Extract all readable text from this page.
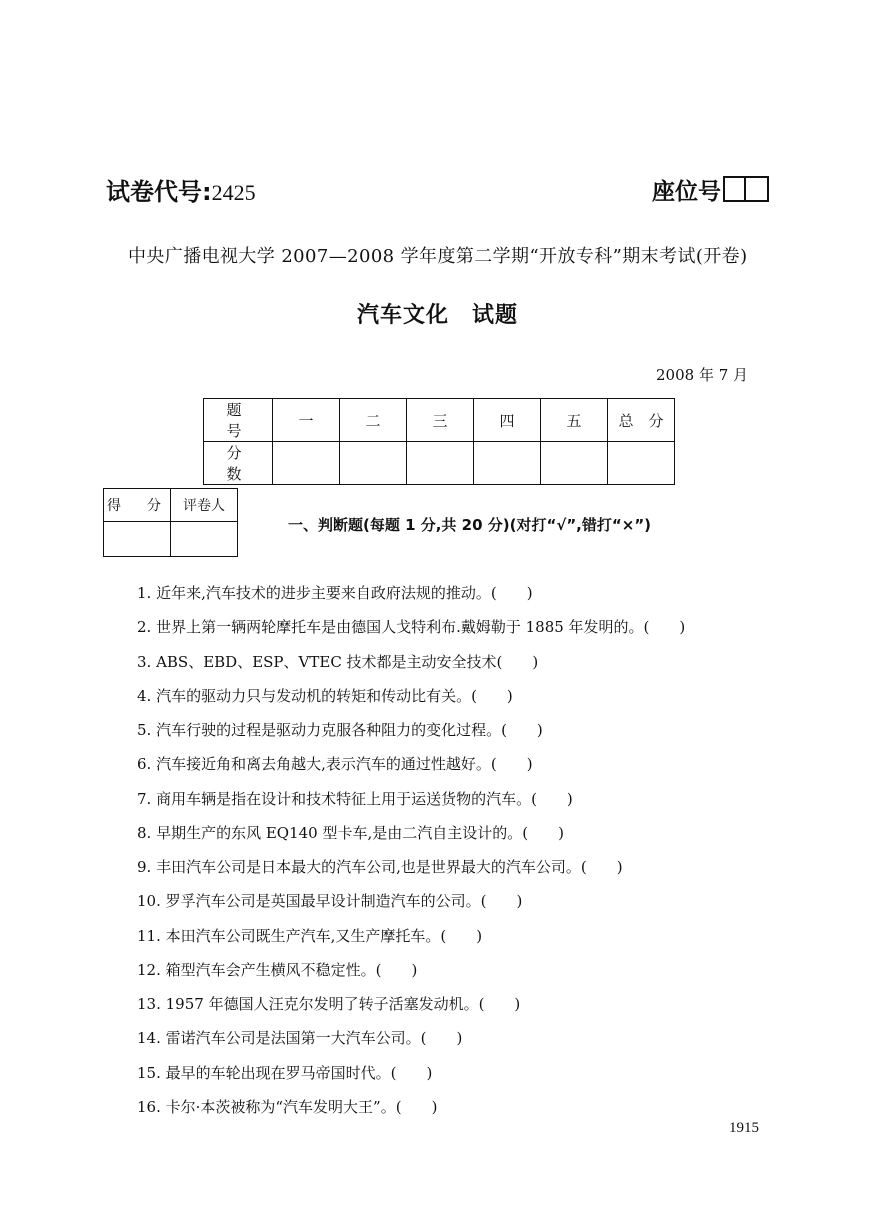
试卷代号:2425	座位号
中央广播电视大学 2007—2008 学年度第二学期“开放专科”期末考试(开卷)
汽车文化　试题
2008 年 7 月
题　号	一	二	三	四	五	总　分
分　数						
得　分	评卷人

一、判断题(每题 1 分,共 20 分)(对打“√”,错打“×”)
1. 近年来,汽车技术的进步主要来自政府法规的推动。(　　)
2. 世界上第一辆两轮摩托车是由德国人戈特利布.戴姆勒于 1885 年发明的。(　　)
3. ABS、EBD、ESP、VTEC 技术都是主动安全技术(　　)
4. 汽车的驱动力只与发动机的转矩和传动比有关。(　　)
5. 汽车行驶的过程是驱动力克服各种阻力的变化过程。(　　)
6. 汽车接近角和离去角越大,表示汽车的通过性越好。(　　)
7. 商用车辆是指在设计和技术特征上用于运送货物的汽车。(　　)
8. 早期生产的东风 EQ140 型卡车,是由二汽自主设计的。(　　)
9. 丰田汽车公司是日本最大的汽车公司,也是世界最大的汽车公司。(　　)
10. 罗孚汽车公司是英国最早设计制造汽车的公司。(　　)
11. 本田汽车公司既生产汽车,又生产摩托车。(　　)
12. 箱型汽车会产生横风不稳定性。(　　)
13. 1957 年德国人汪克尔发明了转子活塞发动机。(　　)
14. 雷诺汽车公司是法国第一大汽车公司。(　　)
15. 最早的车轮出现在罗马帝国时代。(　　)
16. 卡尔·本茨被称为“汽车发明大王”。(　　)
1915
